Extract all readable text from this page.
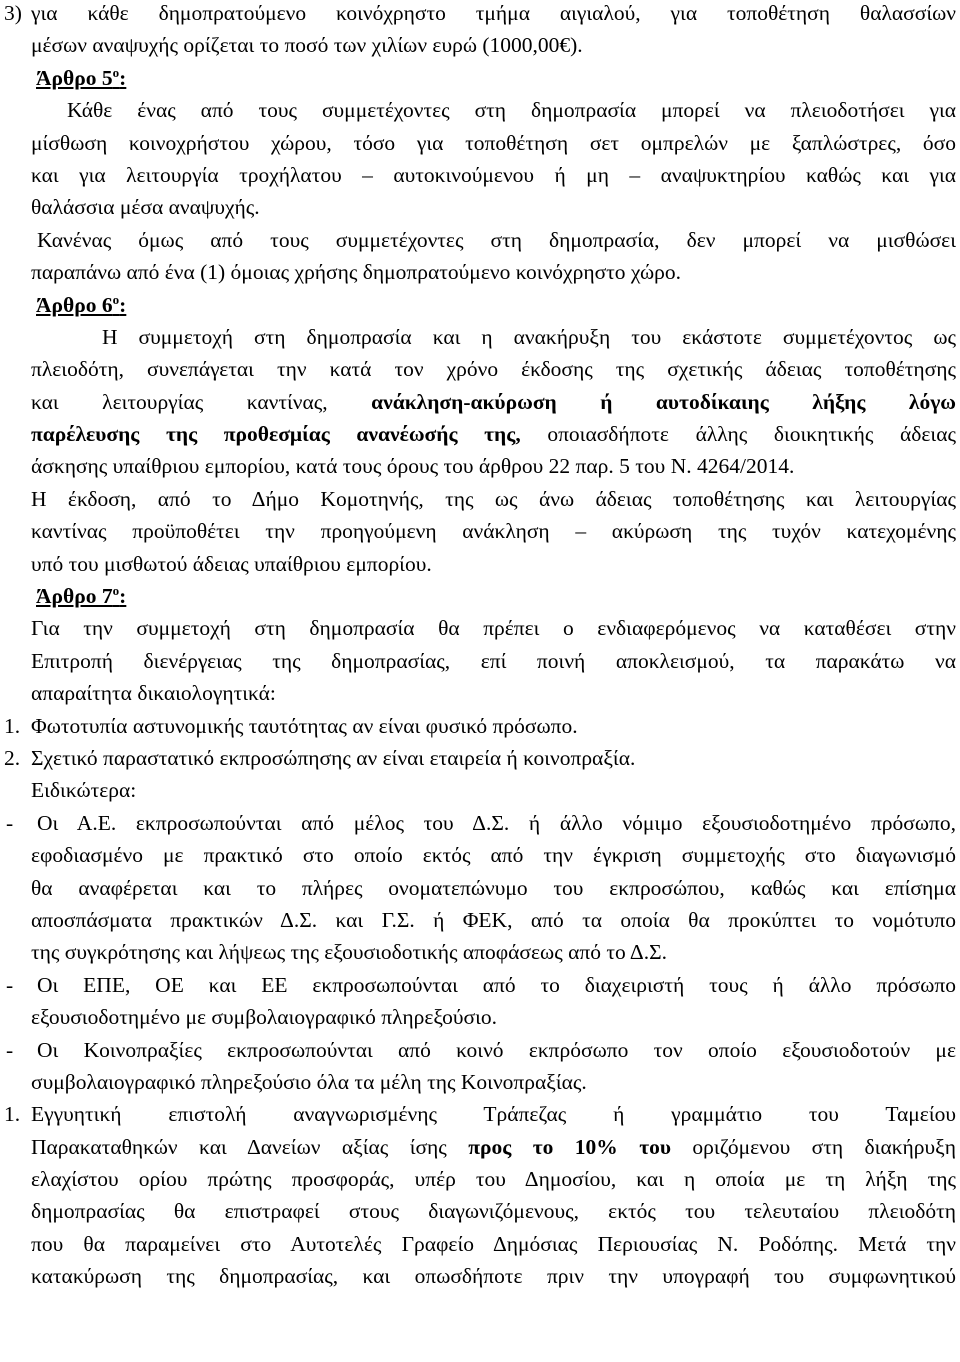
3) για κάθε δημοπρατούμενο κοινόχρηστο τμήμα αιγιαλού, για τοποθέτηση θαλασσίων
μέσων αναψυχής ορίζεται το ποσό των χιλίων ευρώ (1000,00€).
Άρθρο $5^o$:
Κάθε ένας από τους συμμετέχοντες στη δημοπρασία μπορεί να πλειοδοτήσει για
μίσθωση κοινοχρήστου χώρου, τόσο για τοποθέτηση σετ ομπρελών με ξαπλώστρες, όσο
και για λειτουργία τροχήλατου – αυτοκινούμενου ή μη – αναψυκτηρίου καθώς και για
θαλάσσια μέσα αναψυχής.
Κανένας όμως από τους συμμετέχοντες στη δημοπρασία, δεν μπορεί να μισθώσει
παραπάνω από ένα (1) όμοιας χρήσης δημοπρατούμενο κοινόχρηστο χώρο.
Άρθρο $6^o$:
Η συμμετοχή στη δημοπρασία και η ανακήρυξη του εκάστοτε συμμετέχοντος ως
πλειοδότη, συνεπάγεται την κατά τον χρόνο έκδοσης της σχετικής άδειας τοποθέτησης
και λειτουργίας καντίνας, ανάκληση-ακύρωση ή αυτοδίκαιης λήξης λόγω
παρέλευσης της προθεσμίας ανανέωσής της, οποιασδήποτε άλλης διοικητικής άδειας
άσκησης υπαίθριου εμπορίου, κατά τους όρους του άρθρου 22 παρ. 5 του Ν. 4264/2014.
Η έκδοση, από το Δήμο Κομοτηνής, της ως άνω άδειας τοποθέτησης και λειτουργίας
καντίνας προϋποθέτει την προηγούμενη ανάκληση – ακύρωση της τυχόν κατεχομένης
υπό του μισθωτού άδειας υπαίθριου εμπορίου.
Άρθρο $7^o$:
Για την συμμετοχή στη δημοπρασία θα πρέπει ο ενδιαφερόμενος να καταθέσει στην
Επιτροπή διενέργειας της δημοπρασίας, επί ποινή αποκλεισμού, τα παρακάτω να
απαραίτητα δικαιολογητικά:
1. Φωτοτυπία αστυνομικής ταυτότητας αν είναι φυσικό πρόσωπο.
2. Σχετικό παραστατικό εκπροσώπησης αν είναι εταιρεία ή κοινοπραξία.
Ειδικώτερα:
- Οι Α.Ε. εκπροσωπούνται από μέλος του Δ.Σ. ή άλλο νόμιμο εξουσιοδοτημένο πρόσωπο,
εφοδιασμένο με πρακτικό στο οποίο εκτός από την έγκριση συμμετοχής στο διαγωνισμό
θα αναφέρεται και το πλήρες ονοματεπώνυμο του εκπροσώπου, καθώς και επίσημα
αποσπάσματα πρακτικών Δ.Σ. και Γ.Σ. ή ΦΕΚ, από τα οποία θα προκύπτει το νομότυπο
της συγκρότησης και λήψεως της εξουσιοδοτικής αποφάσεως από το Δ.Σ.
- Οι ΕΠΕ, ΟΕ και ΕΕ εκπροσωπούνται από το διαχειριστή τους ή άλλο πρόσωπο
εξουσιοδοτημένο με συμβολαιογραφικό πληρεξούσιο.
- Οι Κοινοπραξίες εκπροσωπούνται από κοινό εκπρόσωπο τον οποίο εξουσιοδοτούν με
συμβολαιογραφικό πληρεξούσιο όλα τα μέλη της Κοινοπραξίας.
1. Εγγυητική επιστολή αναγνωρισμένης Τράπεζας ή γραμμάτιο του Ταμείου
Παρακαταθηκών και Δανείων αξίας ίσης προς το 10% του οριζόμενου στη διακήρυξη
ελαχίστου ορίου πρώτης προσφοράς, υπέρ του Δημοσίου, και η οποία με τη λήξη της
δημοπρασίας θα επιστραφεί στους διαγωνιζόμενους, εκτός του τελευταίου πλειοδότη
που θα παραμείνει στο Αυτοτελές Γραφείο Δημόσιας Περιουσίας Ν. Ροδόπης. Μετά την
κατακύρωση της δημοπρασίας, και οπωσδήποτε πριν την υπογραφή του συμφωνητικού
